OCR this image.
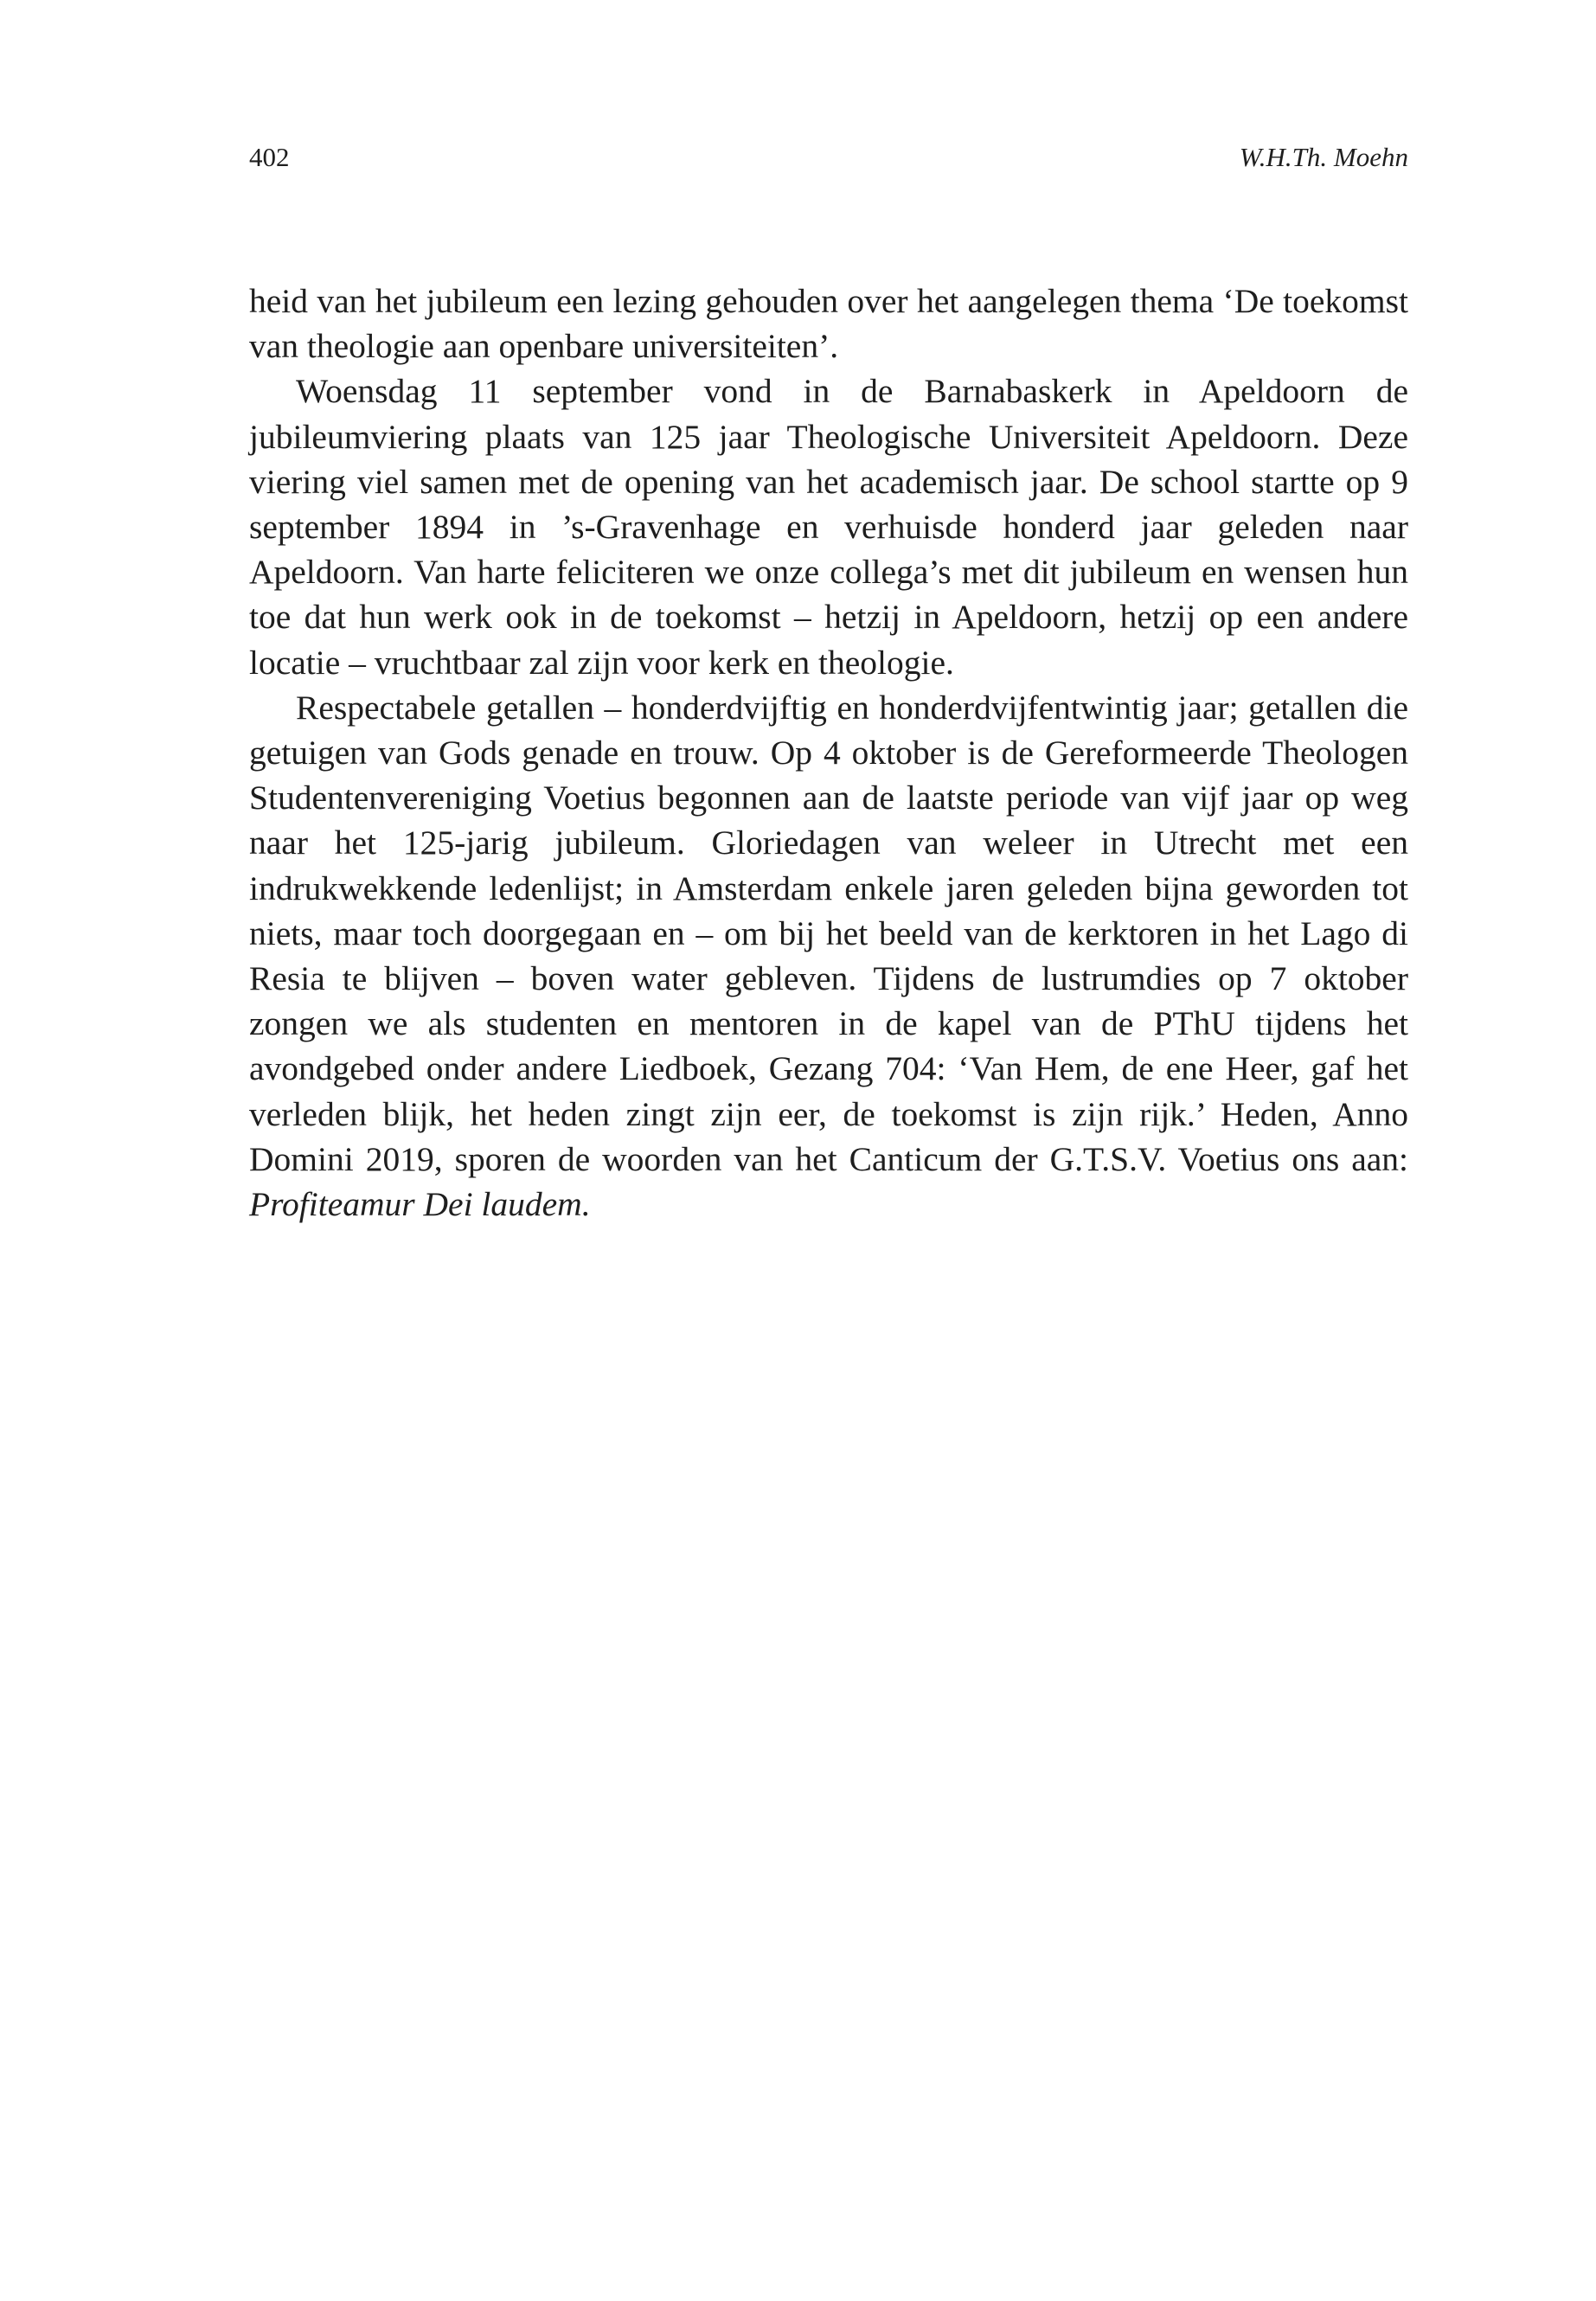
402	W.H.Th. Moehn

heid van het jubileum een lezing gehouden over het aangelegen thema ‘De toekomst van theologie aan openbare universiteiten’.

Woensdag 11 september vond in de Barnabaskerk in Apeldoorn de jubileumviering plaats van 125 jaar Theologische Universiteit Apeldoorn. Deze viering viel samen met de opening van het academisch jaar. De school startte op 9 september 1894 in ’s-Gravenhage en verhuisde honderd jaar geleden naar Apeldoorn. Van harte feliciteren we onze collega’s met dit jubileum en wensen hun toe dat hun werk ook in de toekomst – hetzij in Apeldoorn, hetzij op een andere locatie – vruchtbaar zal zijn voor kerk en theologie.

Respectabele getallen – honderdvijftig en honderdvijfentwintig jaar; getallen die getuigen van Gods genade en trouw. Op 4 oktober is de Gereformeerde Theologen Studentenvereniging Voetius begonnen aan de laatste periode van vijf jaar op weg naar het 125-jarig jubileum. Gloriedagen van weleer in Utrecht met een indrukwekkende ledenlijst; in Amsterdam enkele jaren geleden bijna geworden tot niets, maar toch doorgegaan en – om bij het beeld van de kerktoren in het Lago di Resia te blijven – boven water gebleven. Tijdens de lustrumdies op 7 oktober zongen we als studenten en mentoren in de kapel van de PThU tijdens het avondgebed onder andere Liedboek, Gezang 704: ‘Van Hem, de ene Heer, gaf het verleden blijk, het heden zingt zijn eer, de toekomst is zijn rijk.’ Heden, Anno Domini 2019, sporen de woorden van het Canticum der G.T.S.V. Voetius ons aan: Profiteamur Dei laudem.
